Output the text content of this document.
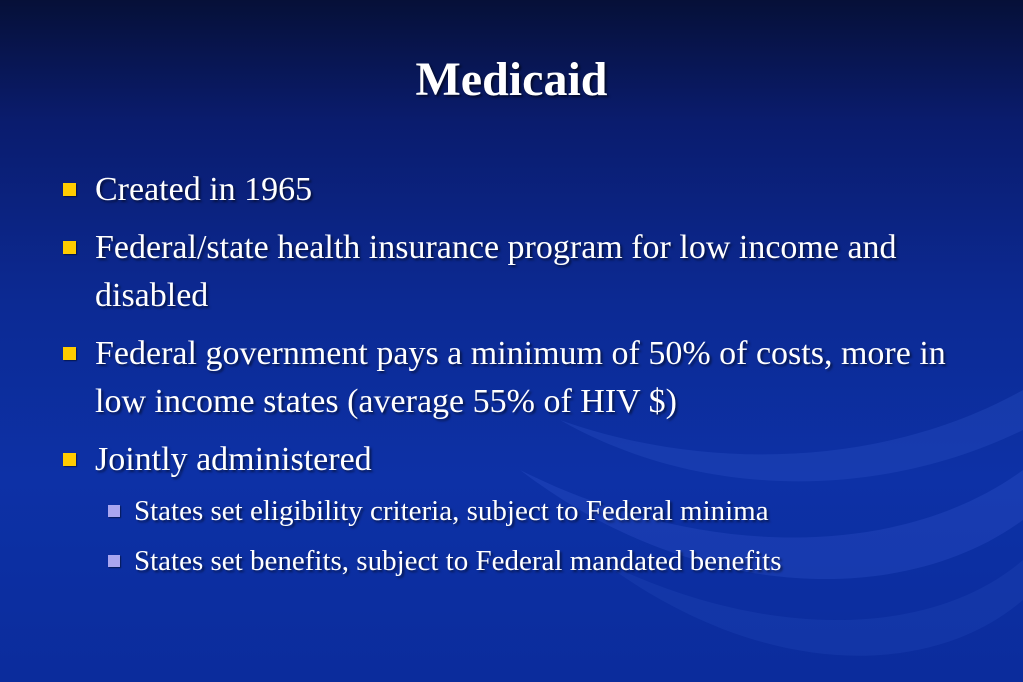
Medicaid
Created in 1965
Federal/state health insurance program for low income and disabled
Federal government pays a minimum of 50% of costs, more in low income states (average 55% of HIV $)
Jointly administered
States set eligibility criteria, subject to Federal minima
States set benefits, subject to Federal mandated benefits
